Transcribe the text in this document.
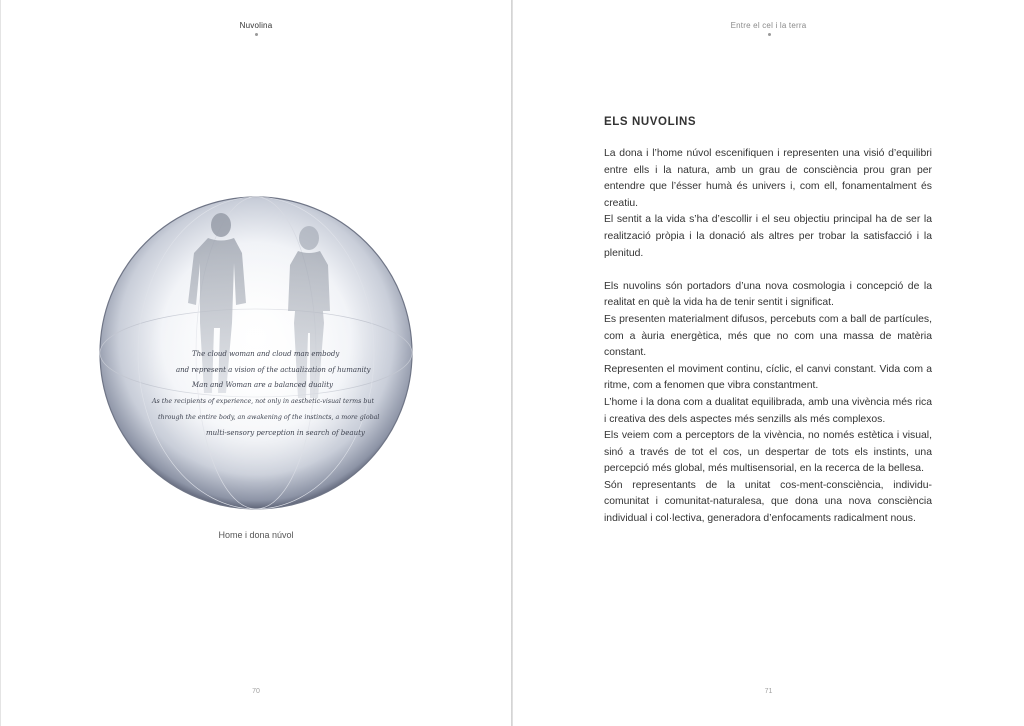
Nuvolina
The cloud woman and cloud man embody
and represent a vision of the actualization of humanity
Man and Woman are a balanced duality
As the recipients of experience, not only in aesthetic-visual terms but
through the entire body, an awakening of the instincts, a more global
multi-sensory perception in search of beauty
Home i dona núvol
70
Entre el cel i la terra
71
ELS NUVOLINS

La dona i l’home núvol escenifiquen i representen una visió d’equilibri entre ells i la natura, amb un grau de consciència prou gran per entendre que l’ésser humà és univers i, com ell, fonamentalment és creatiu.

El sentit a la vida s’ha d’escollir i el seu objectiu principal ha de ser la realització pròpia i la donació als altres per trobar la satisfacció i la plenitud.

Els nuvolins són portadors d’una nova cosmologia i concepció de la realitat en què la vida ha de tenir sentit i significat.

Es presenten materialment difusos, percebuts com a ball de partícules, com a àuria energètica, més que no com una massa de matèria constant.

Representen el moviment continu, cíclic, el canvi constant. Vida com a ritme, com a fenomen que vibra constantment.

L’home i la dona com a dualitat equilibrada, amb una vivència més rica i creativa des dels aspectes més senzills als més complexos.

Els veiem com a perceptors de la vivència, no només estètica i visual, sinó a través de tot el cos, un despertar de tots els instints, una percepció més global, més multisensorial, en la recerca de la bellesa.

Són representants de la unitat cos-ment-consciència, individu-comunitat i comunitat-naturalesa, que dona una nova consciència individual i col·lectiva, generadora d’enfocaments radicalment nous.
